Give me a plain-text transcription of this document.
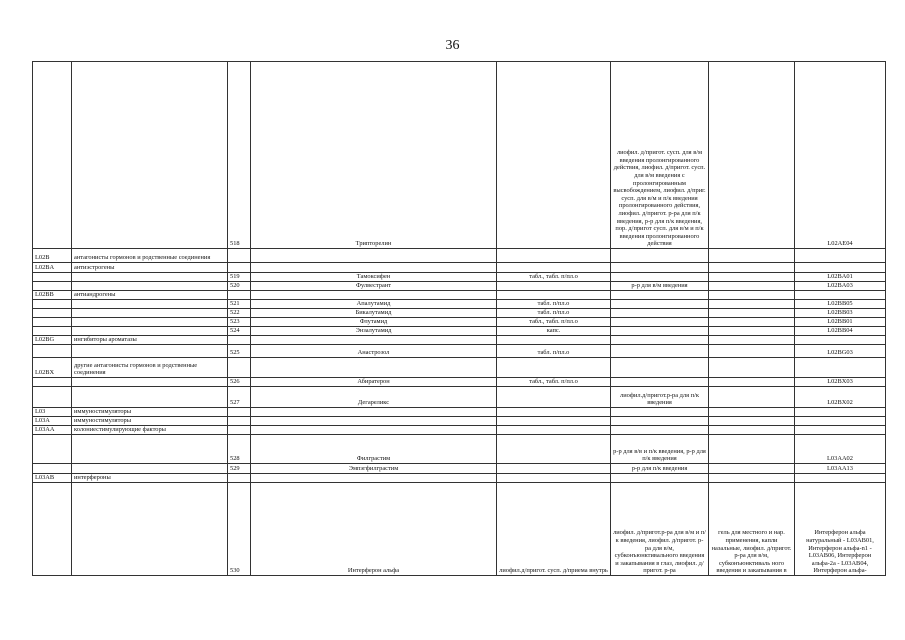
36
		518	Трипторелин		лиофил. д/пригот. сусп. для в/м введения пролонгированного действия, лиофил. д/пригот. сусп. для в/м введения с пролонгированным высвобождением, лиофил. д/приг. сусп. для в/м и п/к введения пролонгированного действия, лиофил. д/пригот. р-ра для п/к введения, р-р для п/к введения, пор. д/пригот сусп. для в/м и п/к введения пролонгированного действия		L02AE04
L02B	антагонисты гормонов и родственные соединения						
L02BA	антиэстрогены						
		519	Тамоксифен	табл., табл. п/пл.о			L02BA01
		520	Фулвестрант		р-р для в/м введения		L02BA03
L02BB	антиандрогены						
		521	Апалутамид	табл. п/пл.о			L02BB05
		522	Бикалутамид	табл. п/пл.о			L02BB03
		523	Флутамид	табл., табл. п/пл.о			L02BB01
		524	Энзалутамид	капс.			L02BB04
L02BG	ингибиторы ароматазы						
		525	Анастрозол	табл. п/пл.о			L02BG03
L02BX	другие антагонисты гормонов и родственные соединения						
		526	Абиратерон	табл., табл. п/пл.о			L02BX03
		527	Дегареликс		лиофил.д/пригот.р-ра для п/к введения		L02BX02
L03	иммуностимуляторы						
L03A	иммуностимуляторы						
L03AA	колониестимулирующие факторы						
		528	Филграстим		р-р для в/в и п/к введения, р-р для п/к введения		L03AA02
		529	Эмпэгфилграстим		р-р для п/к введения		L03AA13
L03AB	интерфероны						
		530	Интерферон альфа	лиофил.д/пригот. сусп. д/приема внутрь	лиофил. д/пригот.р-ра для в/м и п/к введения, лиофил. д/пригот. р-ра для в/м, субконъюнктивального введения и закапывания в глаз, лиофил. д/пригот. р-ра	гель для местного и нар. применения, капли назальные, лиофил. д/пригот. р-ра для в/м, субконъюнктиваль ного введения и закапывания в	Интерферон альфа натуральный - L03AB01, Интерферон альфа-n1 - L03AB06, Интерферон альфа-2a - L03AB04, Интерферон альфа-
